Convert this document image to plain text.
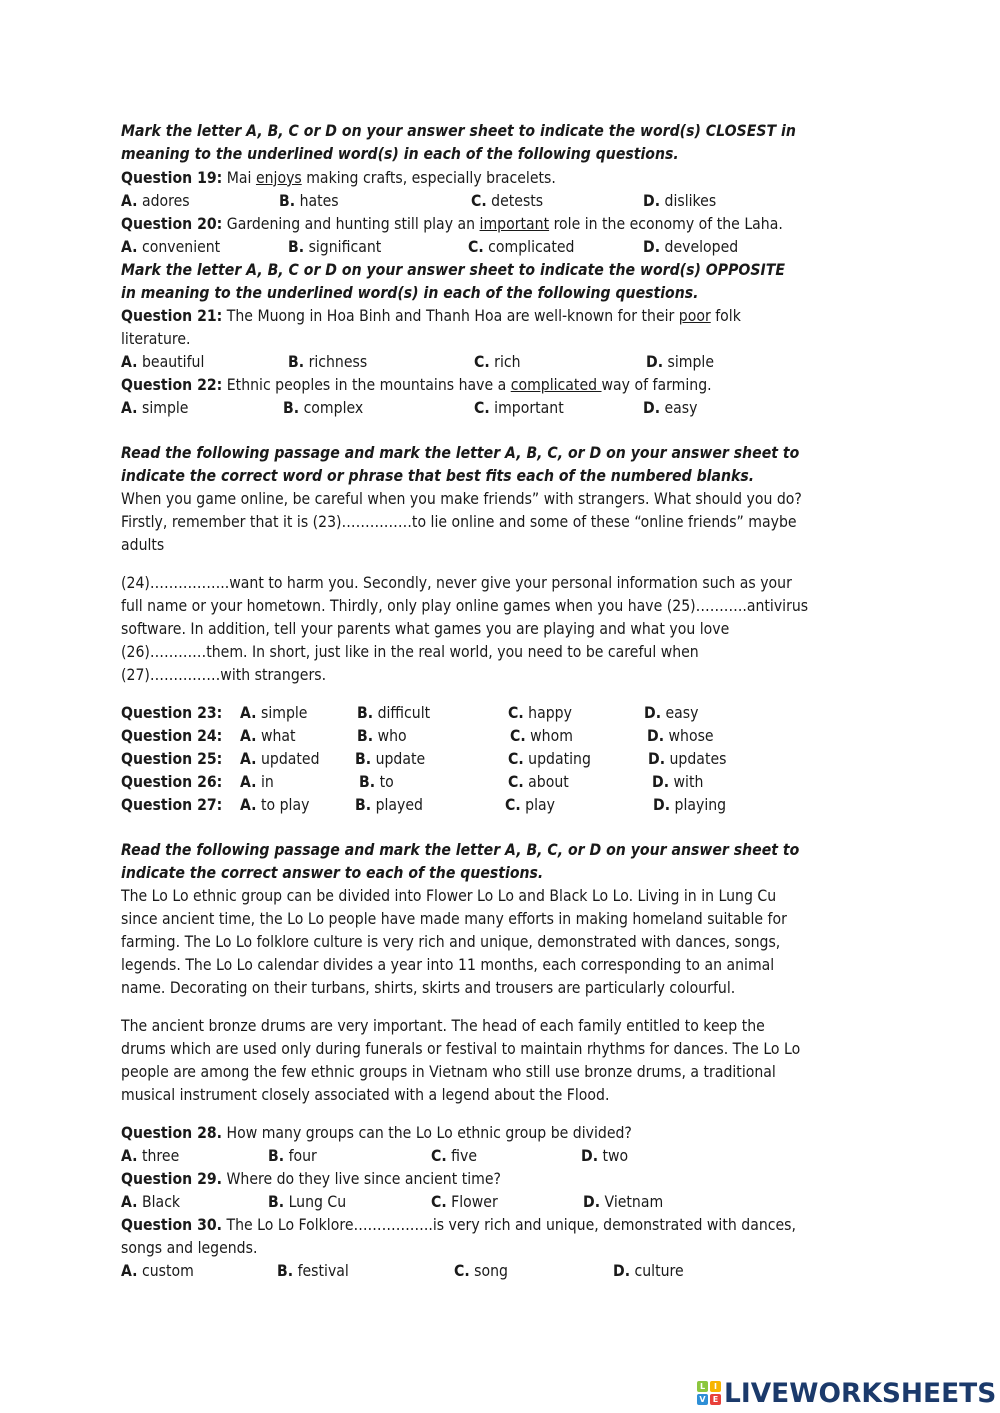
Mark the letter A, B, C or D on your answer sheet to indicate the word(s) CLOSEST in
meaning to the underlined word(s) in each of the following questions.
Question 19: Mai enjoys making crafts, especially bracelets.
A. adores	B. hates	C. detests	D. dislikes
Question 20: Gardening and hunting still play an important role in the economy of the Laha.
A. convenient	B. significant	C. complicated	D. developed
Mark the letter A, B, C or D on your answer sheet to indicate the word(s) OPPOSITE
in meaning to the underlined word(s) in each of the following questions.
Question 21: The Muong in Hoa Binh and Thanh Hoa are well-known for their poor folk
literature.
A. beautiful	B. richness	C. rich	D. simple
Question 22: Ethnic peoples in the mountains have a complicated way of farming.
A. simple	B. complex	C. important	D. easy
Read the following passage and mark the letter A, B, C, or D on your answer sheet to
indicate the correct word or phrase that best fits each of the numbered blanks.
When you game online, be careful when you make friends” with strangers. What should you do?
Firstly, remember that it is (23)……………to lie online and some of these “online friends” maybe
adults
(24)……………..want to harm you. Secondly, never give your personal information such as your
full name or your hometown. Thirdly, only play online games when you have (25)………..antivirus
software. In addition, tell your parents what games you are playing and what you love
(26)…………them. In short, just like in the real world, you need to be careful when
(27)……………with strangers.
Question 23: A. simple	B. difficult	C. happy	D. easy
Question 24: A. what	B. who	C. whom	D. whose
Question 25: A. updated B. update	C. updating	D. updates
Question 26: A. in	B. to	C. about	D. with
Question 27: A. to play	B. played	C. play	D. playing
Read the following passage and mark the letter A, B, C, or D on your answer sheet to
indicate the correct answer to each of the questions.
The Lo Lo ethnic group can be divided into Flower Lo Lo and Black Lo Lo. Living in in Lung Cu
since ancient time, the Lo Lo people have made many efforts in making homeland suitable for
farming. The Lo Lo folklore culture is very rich and unique, demonstrated with dances, songs,
legends. The Lo Lo calendar divides a year into 11 months, each corresponding to an animal
name. Decorating on their turbans, shirts, skirts and trousers are particularly colourful.
The ancient bronze drums are very important. The head of each family entitled to keep the
drums which are used only during funerals or festival to maintain rhythms for dances. The Lo Lo
people are among the few ethnic groups in Vietnam who still use bronze drums, a traditional
musical instrument closely associated with a legend about the Flood.
Question 28. How many groups can the Lo Lo ethnic group be divided?
A. three	B. four	C. five	D. two
Question 29. Where do they live since ancient time?
A. Black	B. Lung Cu	C. Flower	D. Vietnam
Question 30. The Lo Lo Folklore……………..is very rich and unique, demonstrated with dances,
songs and legends.
A. custom	B. festival	C. song	D. culture
L	I
V E LIVEWORKSHEETS
